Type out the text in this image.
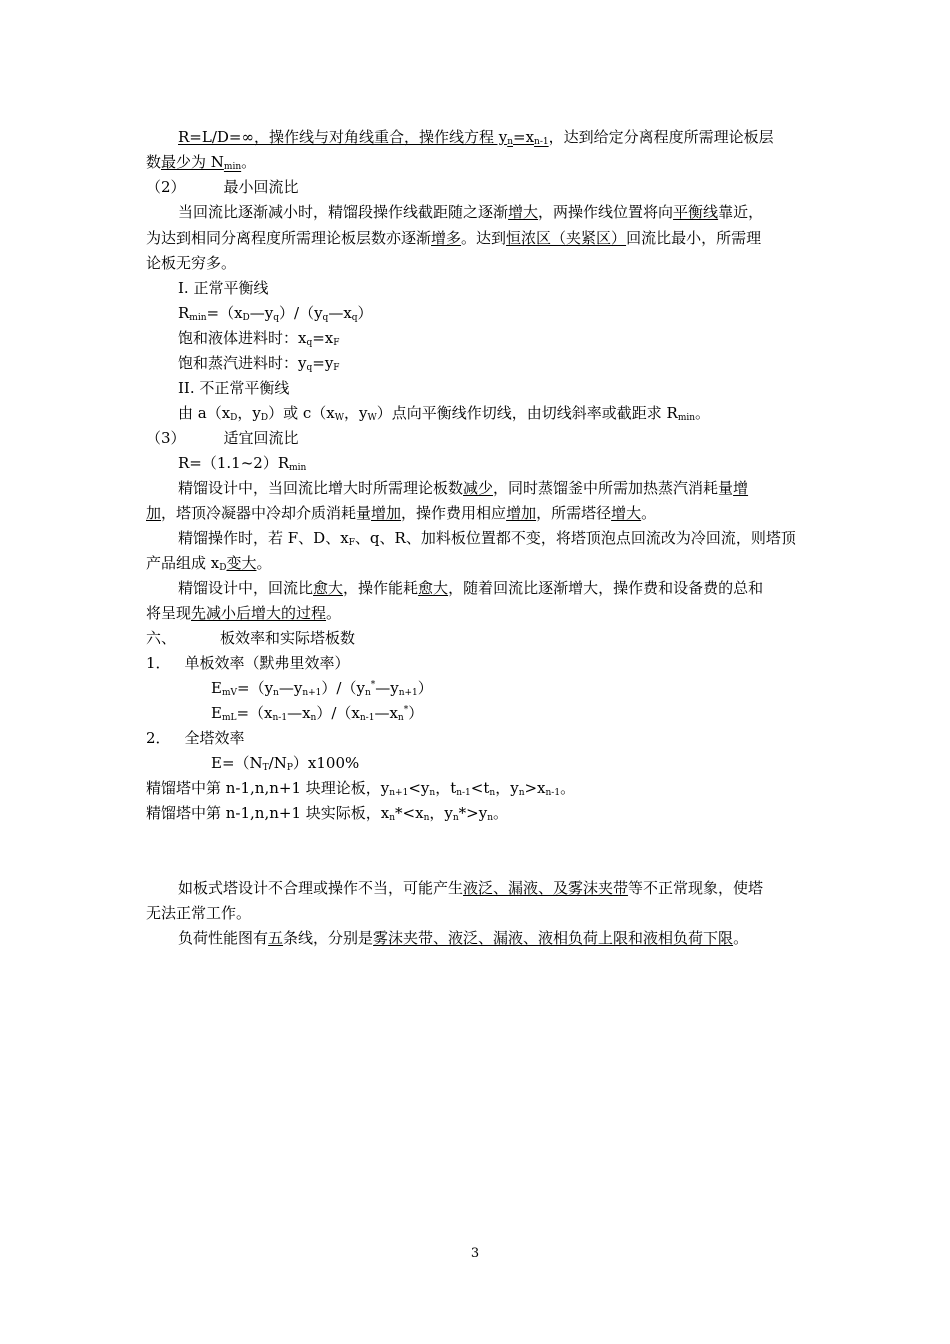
R=L/D=∞，操作线与对角线重合，操作线方程 $y_n=x_{n-1}$，达到给定分离程度所需理论板层
数最少为 $N_{min}$。
（2）	最小回流比
当回流比逐渐减小时，精馏段操作线截距随之逐渐增大，两操作线位置将向平衡线靠近，
为达到相同分离程度所需理论板层数亦逐渐增多。达到恒浓区（夹紧区）回流比最小，所需理
论板无穷多。
I. 正常平衡线
$R_{min}=(x_D—y_q)/(y_q—x_q)$
饱和液体进料时：$x_q=x_F$
饱和蒸汽进料时：$y_q=y_F$
II. 不正常平衡线
由 $a(x_D$，$y_D$）或 $c(x_W$，$y_W$）点向平衡线作切线，由切线斜率或截距求 $R_{min}$。
（3）	适宜回流比
$R=(1.1\sim 2)R_{min}$
精馏设计中，当回流比增大时所需理论板数减少，同时蒸馏釜中所需加热蒸汽消耗量增
加，塔顶冷凝器中冷却介质消耗量增加，操作费用相应增加，所需塔径增大。
精馏操作时，若 F、D、$x_F$、q、R、加料板位置都不变，将塔顶泡点回流改为冷回流，则塔顶
产品组成 $x_D$变大。
精馏设计中，回流比愈大，操作能耗愈大，随着回流比逐渐增大，操作费和设备费的总和
将呈现先减小后增大的过程。
六、	板效率和实际塔板数
1． 单板效率（默弗里效率）
$E_{mV}=(y_n—y_{n+1})/(y_n^*—y_{n+1})$
$E_{mL}=(x_{n-1}—x_n)/(x_{n-1}—x_n^*)$
2． 全塔效率
$E=(N_T/N_P)x100\%$
精馏塔中第 n-1,n,n+1 块理论板，$y_{n+1}<y_n$，$t_{n-1}<t_n$，$y_n>x_{n-1}$。
精馏塔中第 n-1,n,n+1 块实际板，$x_n*<x_n$，$y_n*>y_n$。
如板式塔设计不合理或操作不当，可能产生液泛、漏液、及雾沫夹带等不正常现象，使塔
无法正常工作。
负荷性能图有五条线，分别是雾沫夹带、液泛、漏液、液相负荷上限和液相负荷下限。
3
